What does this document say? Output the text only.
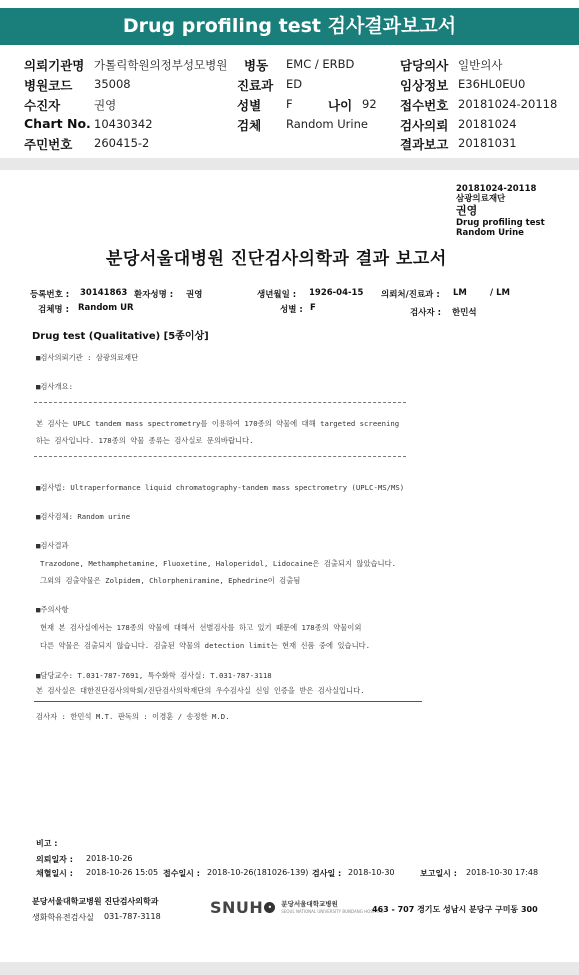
Drug profiling test 검사결과보고서
의뢰기관명 가톨릭학원의정부성모병원 병동 EMC / ERBD	담당의사 일반의사
병원코드 35008	진료과 ED	임상정보 E36HL0EU0
수진자	권영	성별 F	나이 92 접수번호 20181024-20118
Chart No. 10430342	검체 Random Urine	검사의뢰 20181024
주민번호 260415-2	결과보고 20181031
20181024-20118
삼광의료재단
권영
Drug profiling test
Random Urine
분당서울대병원 진단검사의학과 결과 보고서
등록번호 : 30141863 환자성명 : 권영	생년월일 : 1926-04-15 의뢰처/진료과 : LM	/ LM
검체명 : Random UR	성별 : F	검사자 : 한민석
Drug test (Qualitative) [5종이상]
■검사의뢰기관 : 삼광의료재단
■검사개요:
본 검사는 UPLC tandem mass spectrometry를 이용하여 170종의 약물에 대해 targeted screening
하는 검사입니다. 178종의 약물 종류는 검사실로 문의바랍니다.
■검사법: Ultraperformance liquid chromatography-tandem mass spectrometry (UPLC-MS/MS)
■검사검체: Random urine
■검사결과
Trazodone, Methamphetamine, Fluoxetine, Haloperidol, Lidocaine은 검출되지 않았습니다.
그외의 검출약물은 Zolpidem, Chlorpheniramine, Ephedrine이 검출됨
■주의사항
현재 본 검사실에서는 178종의 약물에 대해서 선별검사를 하고 있기 때문에 178종의 약물이외
다른 약물은 검출되지 않습니다. 검출된 약물의 detection limit는 현재 신품 중에 있습니다.
■담당교수: T.031-787-7691, 특수화학 검사실: T.031-787-3118
본 검사실은 대한진단검사의학회/진단검사의학재단의 우수검사실 신임 인증을 받은 검사실입니다.
검사자 : 한민석 M.T. 판독의 : 이경훈 / 송정한 M.D.
비고 :
의뢰일자 : 2018-10-26
채혈일시 : 2018-10-26 15:05 접수일시 : 2018-10-26(181026-139) 검사일 : 2018-10-30	보고일시 : 2018-10-30 17:48
분당서울대학교병원 진단검사의학과
생화학유전검사실 031-787-3118	SNUH •	분당서울대학교병원
SEOUL NATIONAL UNIVERSITY BUNDANG HOSPITAL
463 - 707 경기도 성남시 분당구 구미동 300
